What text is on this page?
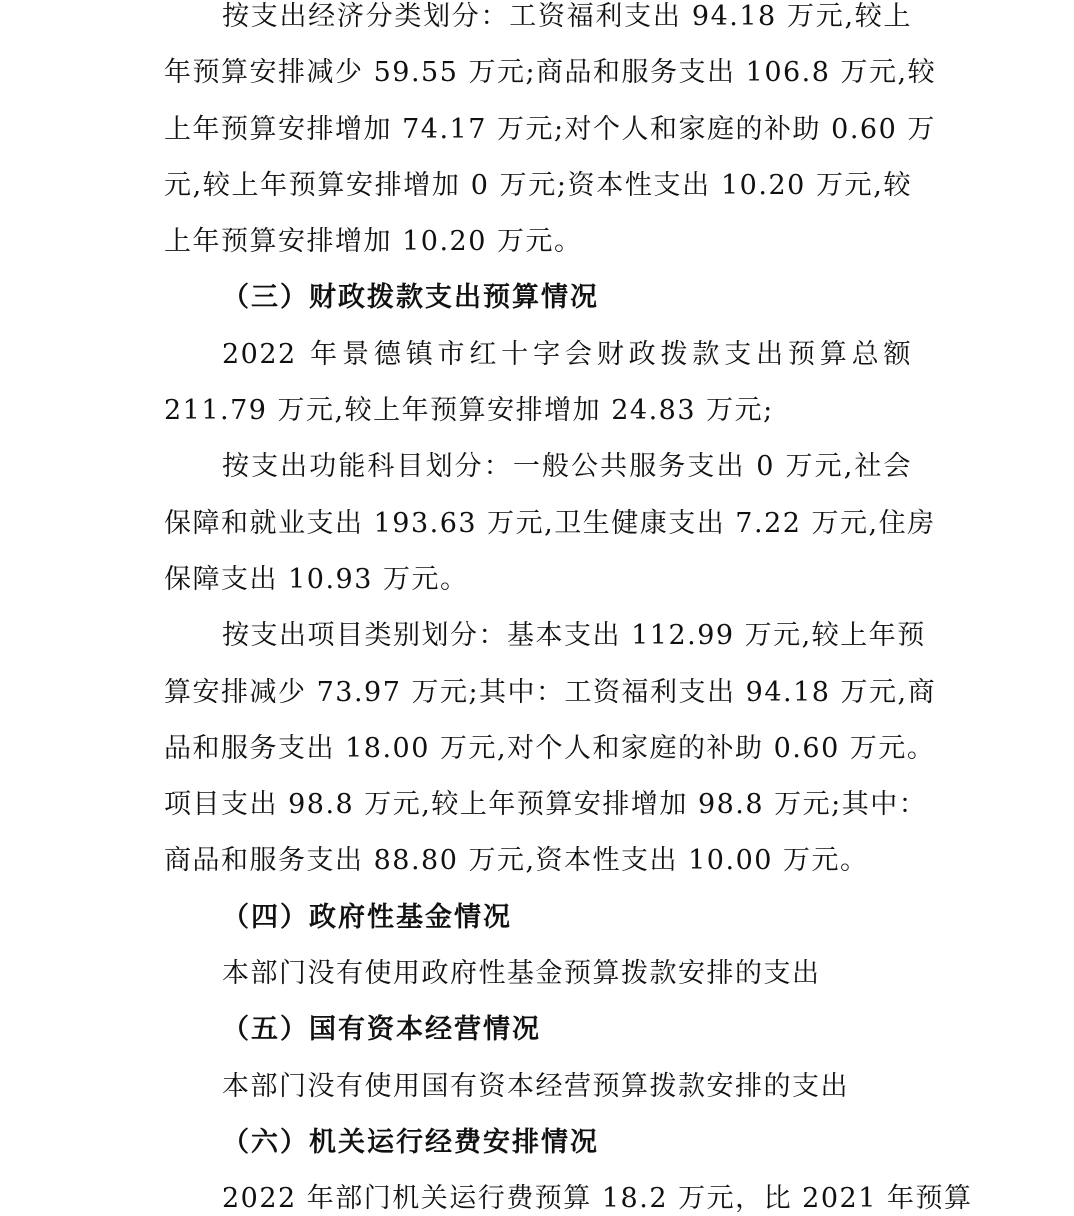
按支出经济分类划分：工资福利支出 94.18 万元,较上
年预算安排减少 59.55 万元;商品和服务支出 106.8 万元,较
上年预算安排增加 74.17 万元;对个人和家庭的补助 0.60 万
元,较上年预算安排增加 0 万元;资本性支出 10.20 万元,较
上年预算安排增加 10.20 万元。
（三）财政拨款支出预算情况
2022 年景德镇市红十字会财政拨款支出预算总额
211.79 万元,较上年预算安排增加 24.83 万元;
按支出功能科目划分：一般公共服务支出 0 万元,社会
保障和就业支出 193.63 万元,卫生健康支出 7.22 万元,住房
保障支出 10.93 万元。
按支出项目类别划分：基本支出 112.99 万元,较上年预
算安排减少 73.97 万元;其中：工资福利支出 94.18 万元,商
品和服务支出 18.00 万元,对个人和家庭的补助 0.60 万元。
项目支出 98.8 万元,较上年预算安排增加 98.8 万元;其中：
商品和服务支出 88.80 万元,资本性支出 10.00 万元。
（四）政府性基金情况
本部门没有使用政府性基金预算拨款安排的支出
（五）国有资本经营情况
本部门没有使用国有资本经营预算拨款安排的支出
（六）机关运行经费安排情况
2022 年部门机关运行费预算 18.2 万元，比 2021 年预算
